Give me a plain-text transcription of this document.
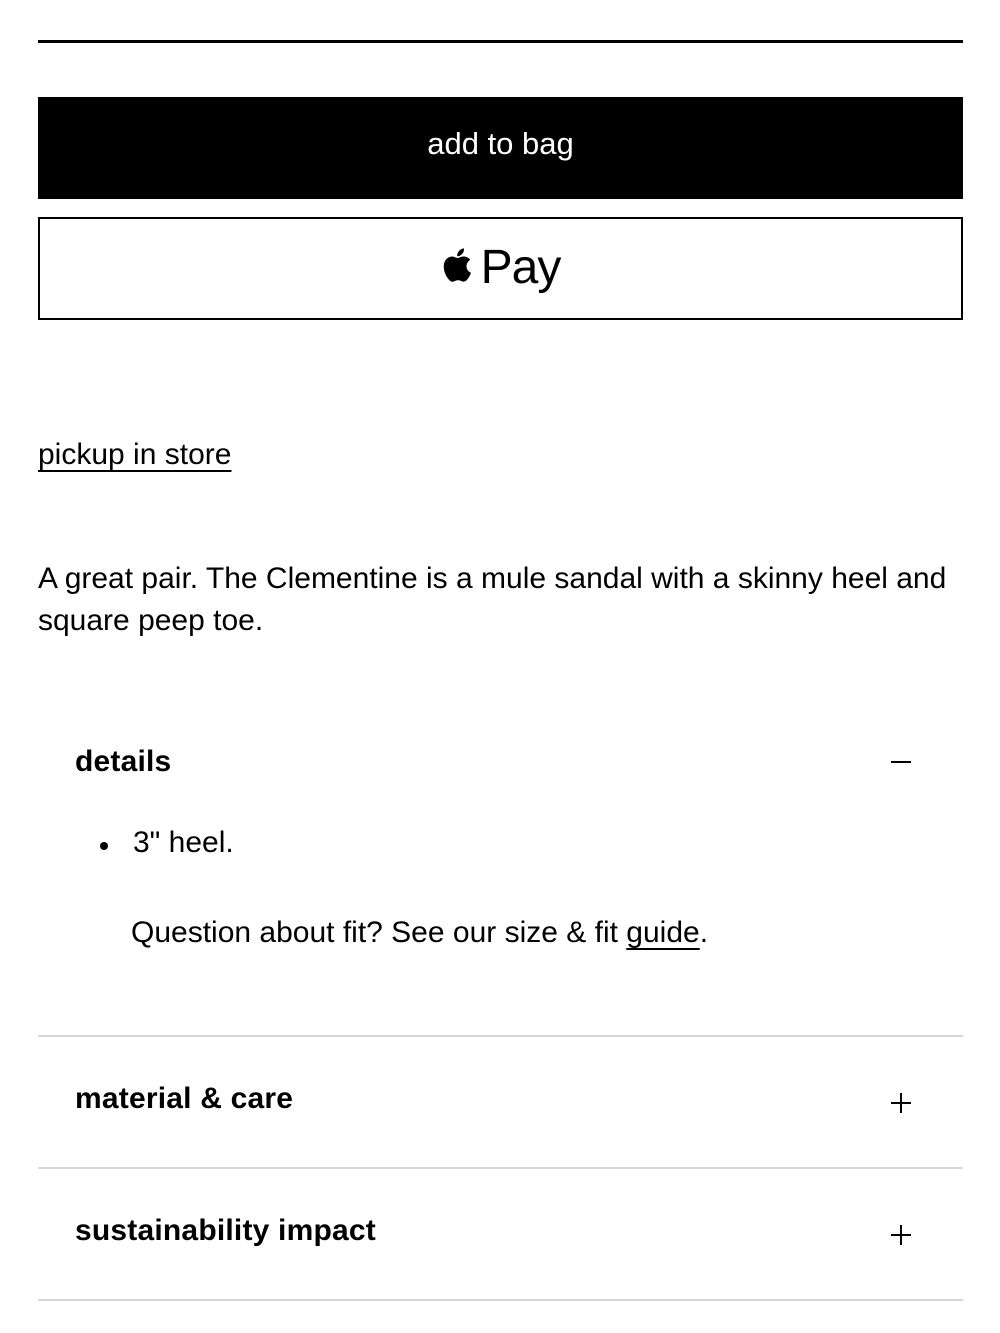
add to bag
Pay
pickup in store

A great pair. The Clementine is a mule sandal with a skinny heel and square peep toe.

details
3" heel.
Question about fit? See our size & fit guide.
material & care
sustainability impact
